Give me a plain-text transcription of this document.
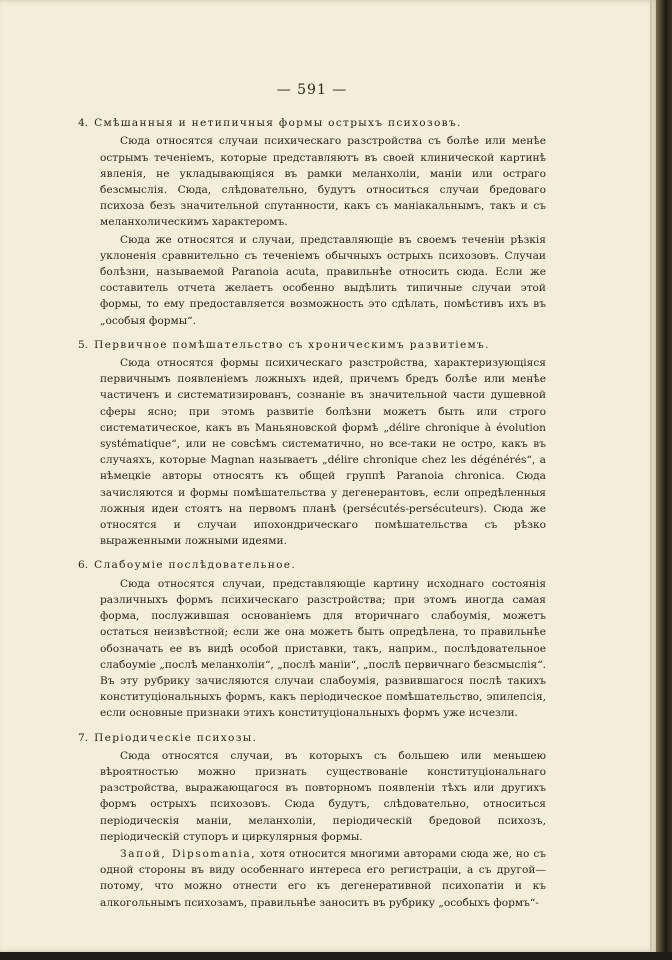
— 591 —
4. Смѣшанныя и нетипичныя формы острыхъ психозовъ.

Сюда относятся случаи психическаго разстройства съ болѣе или менѣе острымъ теченіемъ, которые представляютъ въ своей клинической картинѣ явленія, не укладывающіяся въ рамки меланхоліи, маніи или остраго безсмыслія. Сюда, слѣдовательно, будутъ относиться случаи бредоваго психоза безъ значительной спутанности, какъ съ маніакальнымъ, такъ и съ меланхолическимъ характеромъ.

Сюда же относятся и случаи, представляющіе въ своемъ теченіи рѣзкія уклоненія сравнительно съ теченіемъ обычныхъ острыхъ психозовъ. Случаи болѣзни, называемой Paranoia acuta, правильнѣе относить сюда. Если же составитель отчета желаетъ особенно выдѣлить типичные случаи этой формы, то ему предоставляется возможность это сдѣлать, помѣстивъ ихъ въ „особыя формы“.

5. Первичное помѣшательство съ хроническимъ развитіемъ.

Сюда относятся формы психическаго разстройства, характеризующіяся первичнымъ появленіемъ ложныхъ идей, причемъ бредъ болѣе или менѣе частиченъ и систематизированъ, сознаніе въ значительной части душевной сферы ясно; при этомъ развитіе болѣзни можетъ быть или строго систематическое, какъ въ Маньяновской формѣ „délire chronique à évolution systématique“, или не совсѣмъ систематично, но все-таки не остро, какъ въ случаяхъ, которые Magnan называетъ „délire chronique chez les dégénérés“, а нѣмецкіе авторы относятъ къ общей группѣ Paranoia chronica. Сюда зачисляются и формы помѣшательства у дегенерантовъ, если опредѣленныя ложныя идеи стоятъ на первомъ планѣ (persécutés-persécuteurs). Сюда же относятся и случаи ипохондрическаго помѣшательства съ рѣзко выраженными ложными идеями.

6. Слабоуміе послѣдовательное.

Сюда относятся случаи, представляющіе картину исходнаго состоянія различныхъ формъ психическаго разстройства; при этомъ иногда самая форма, послужившая основаніемъ для вторичнаго слабоумія, можетъ остаться неизвѣстной; если же она можетъ быть опредѣлена, то правильнѣе обозначать ее въ видѣ особой приставки, такъ, наприм., послѣдовательное слабоуміе „послѣ меланхоліи“, „послѣ маніи“, „послѣ первичнаго безсмыслія“. Въ эту рубрику зачисляются случаи слабоумія, развившагося послѣ такихъ конституціональныхъ формъ, какъ періодическое помѣшательство, эпилепсія, если основные признаки этихъ конституціональныхъ формъ уже исчезли.

7. Періодическіе психозы.

Сюда относятся случаи, въ которыхъ съ большею или меньшею вѣроятностью можно признать существованіе конституціональнаго разстройства, выражающагося въ повторномъ появленіи тѣхъ или другихъ формъ острыхъ психозовъ. Сюда будутъ, слѣдовательно, относиться періодическія маніи, меланхоліи, періодическій бредовой психозъ, періодическій ступоръ и циркулярныя формы.

Запой, Dipsomania, хотя относится многими авторами сюда же, но съ одной стороны въ виду особеннаго интереса его регистраціи, а съ другой—потому, что можно отнести его къ дегенеративной психопатіи и къ алкогольнымъ психозамъ, правильнѣе заносить въ рубрику „особыхъ формъ“-
